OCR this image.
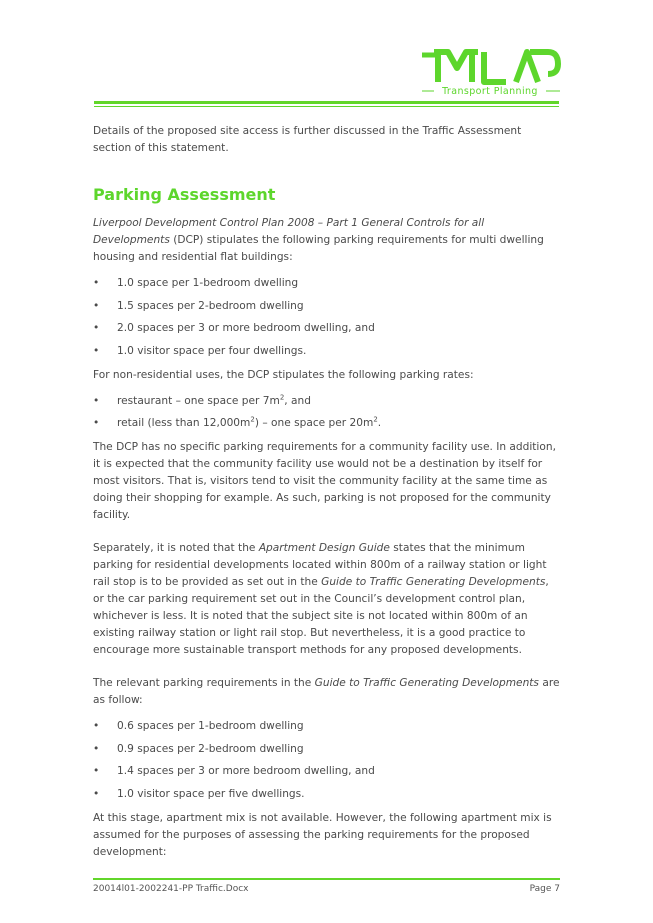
Transport Planning

Details of the proposed site access is further discussed in the Traffic Assessment section of this statement.

Parking Assessment

Liverpool Development Control Plan 2008 – Part 1 General Controls for all Developments (DCP) stipulates the following parking requirements for multi dwelling housing and residential flat buildings:

• 1.0 space per 1-bedroom dwelling
• 1.5 spaces per 2-bedroom dwelling
• 2.0 spaces per 3 or more bedroom dwelling, and
• 1.0 visitor space per four dwellings.

For non-residential uses, the DCP stipulates the following parking rates:

• restaurant – one space per $7m^2$, and
• retail (less than $12,000m^2$) – one space per $20m^2$.

The DCP has no specific parking requirements for a community facility use. In addition, it is expected that the community facility use would not be a destination by itself for most visitors. That is, visitors tend to visit the community facility at the same time as doing their shopping for example. As such, parking is not proposed for the community facility.

Separately, it is noted that the Apartment Design Guide states that the minimum parking for residential developments located within 800m of a railway station or light rail stop is to be provided as set out in the Guide to Traffic Generating Developments, or the car parking requirement set out in the Council’s development control plan, whichever is less. It is noted that the subject site is not located within 800m of an existing railway station or light rail stop. But nevertheless, it is a good practice to encourage more sustainable transport methods for any proposed developments.

The relevant parking requirements in the Guide to Traffic Generating Developments are as follow:

• 0.6 spaces per 1-bedroom dwelling
• 0.9 spaces per 2-bedroom dwelling
• 1.4 spaces per 3 or more bedroom dwelling, and
• 1.0 visitor space per five dwellings.

At this stage, apartment mix is not available. However, the following apartment mix is assumed for the purposes of assessing the parking requirements for the proposed development:

20014l01-2002241-PP Traffic.Docx	Page 7
